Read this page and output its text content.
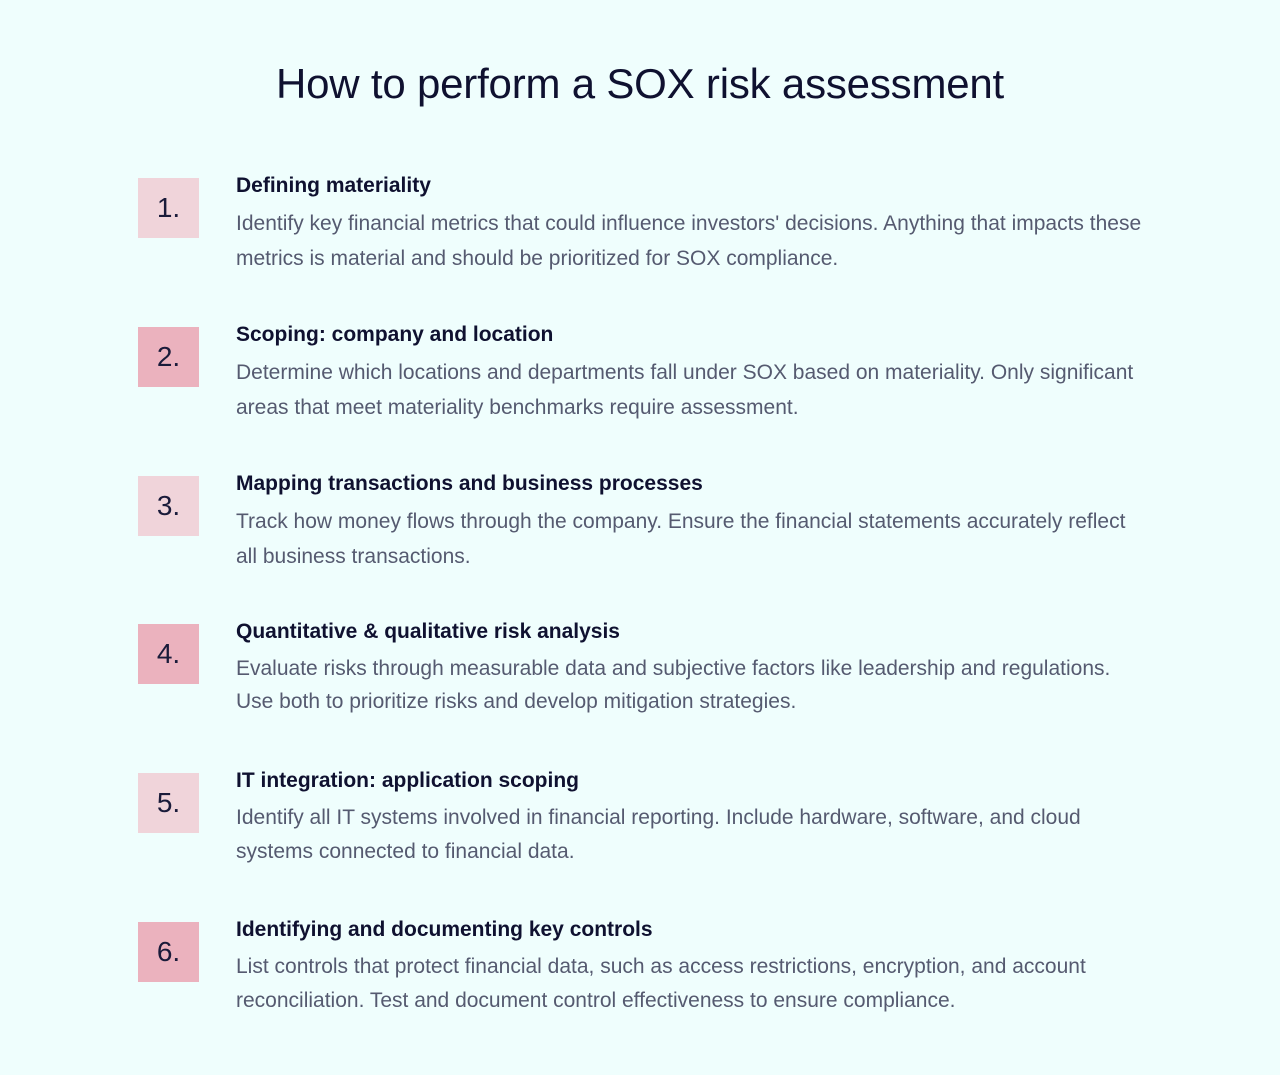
How to perform a SOX risk assessment
1.
Defining materiality
Identify key financial metrics that could influence investors' decisions. Anything that impacts these metrics is material and should be prioritized for SOX compliance.
2.
Scoping: company and location
Determine which locations and departments fall under SOX based on materiality. Only significant areas that meet materiality benchmarks require assessment.
3.
Mapping transactions and business processes
Track how money flows through the company. Ensure the financial statements accurately reflect all business transactions.
4.
Quantitative & qualitative risk analysis
Evaluate risks through measurable data and subjective factors like leadership and regulations. Use both to prioritize risks and develop mitigation strategies.
5.
IT integration: application scoping
Identify all IT systems involved in financial reporting. Include hardware, software, and cloud systems connected to financial data.
6.
Identifying and documenting key controls
List controls that protect financial data, such as access restrictions, encryption, and account reconciliation. Test and document control effectiveness to ensure compliance.
